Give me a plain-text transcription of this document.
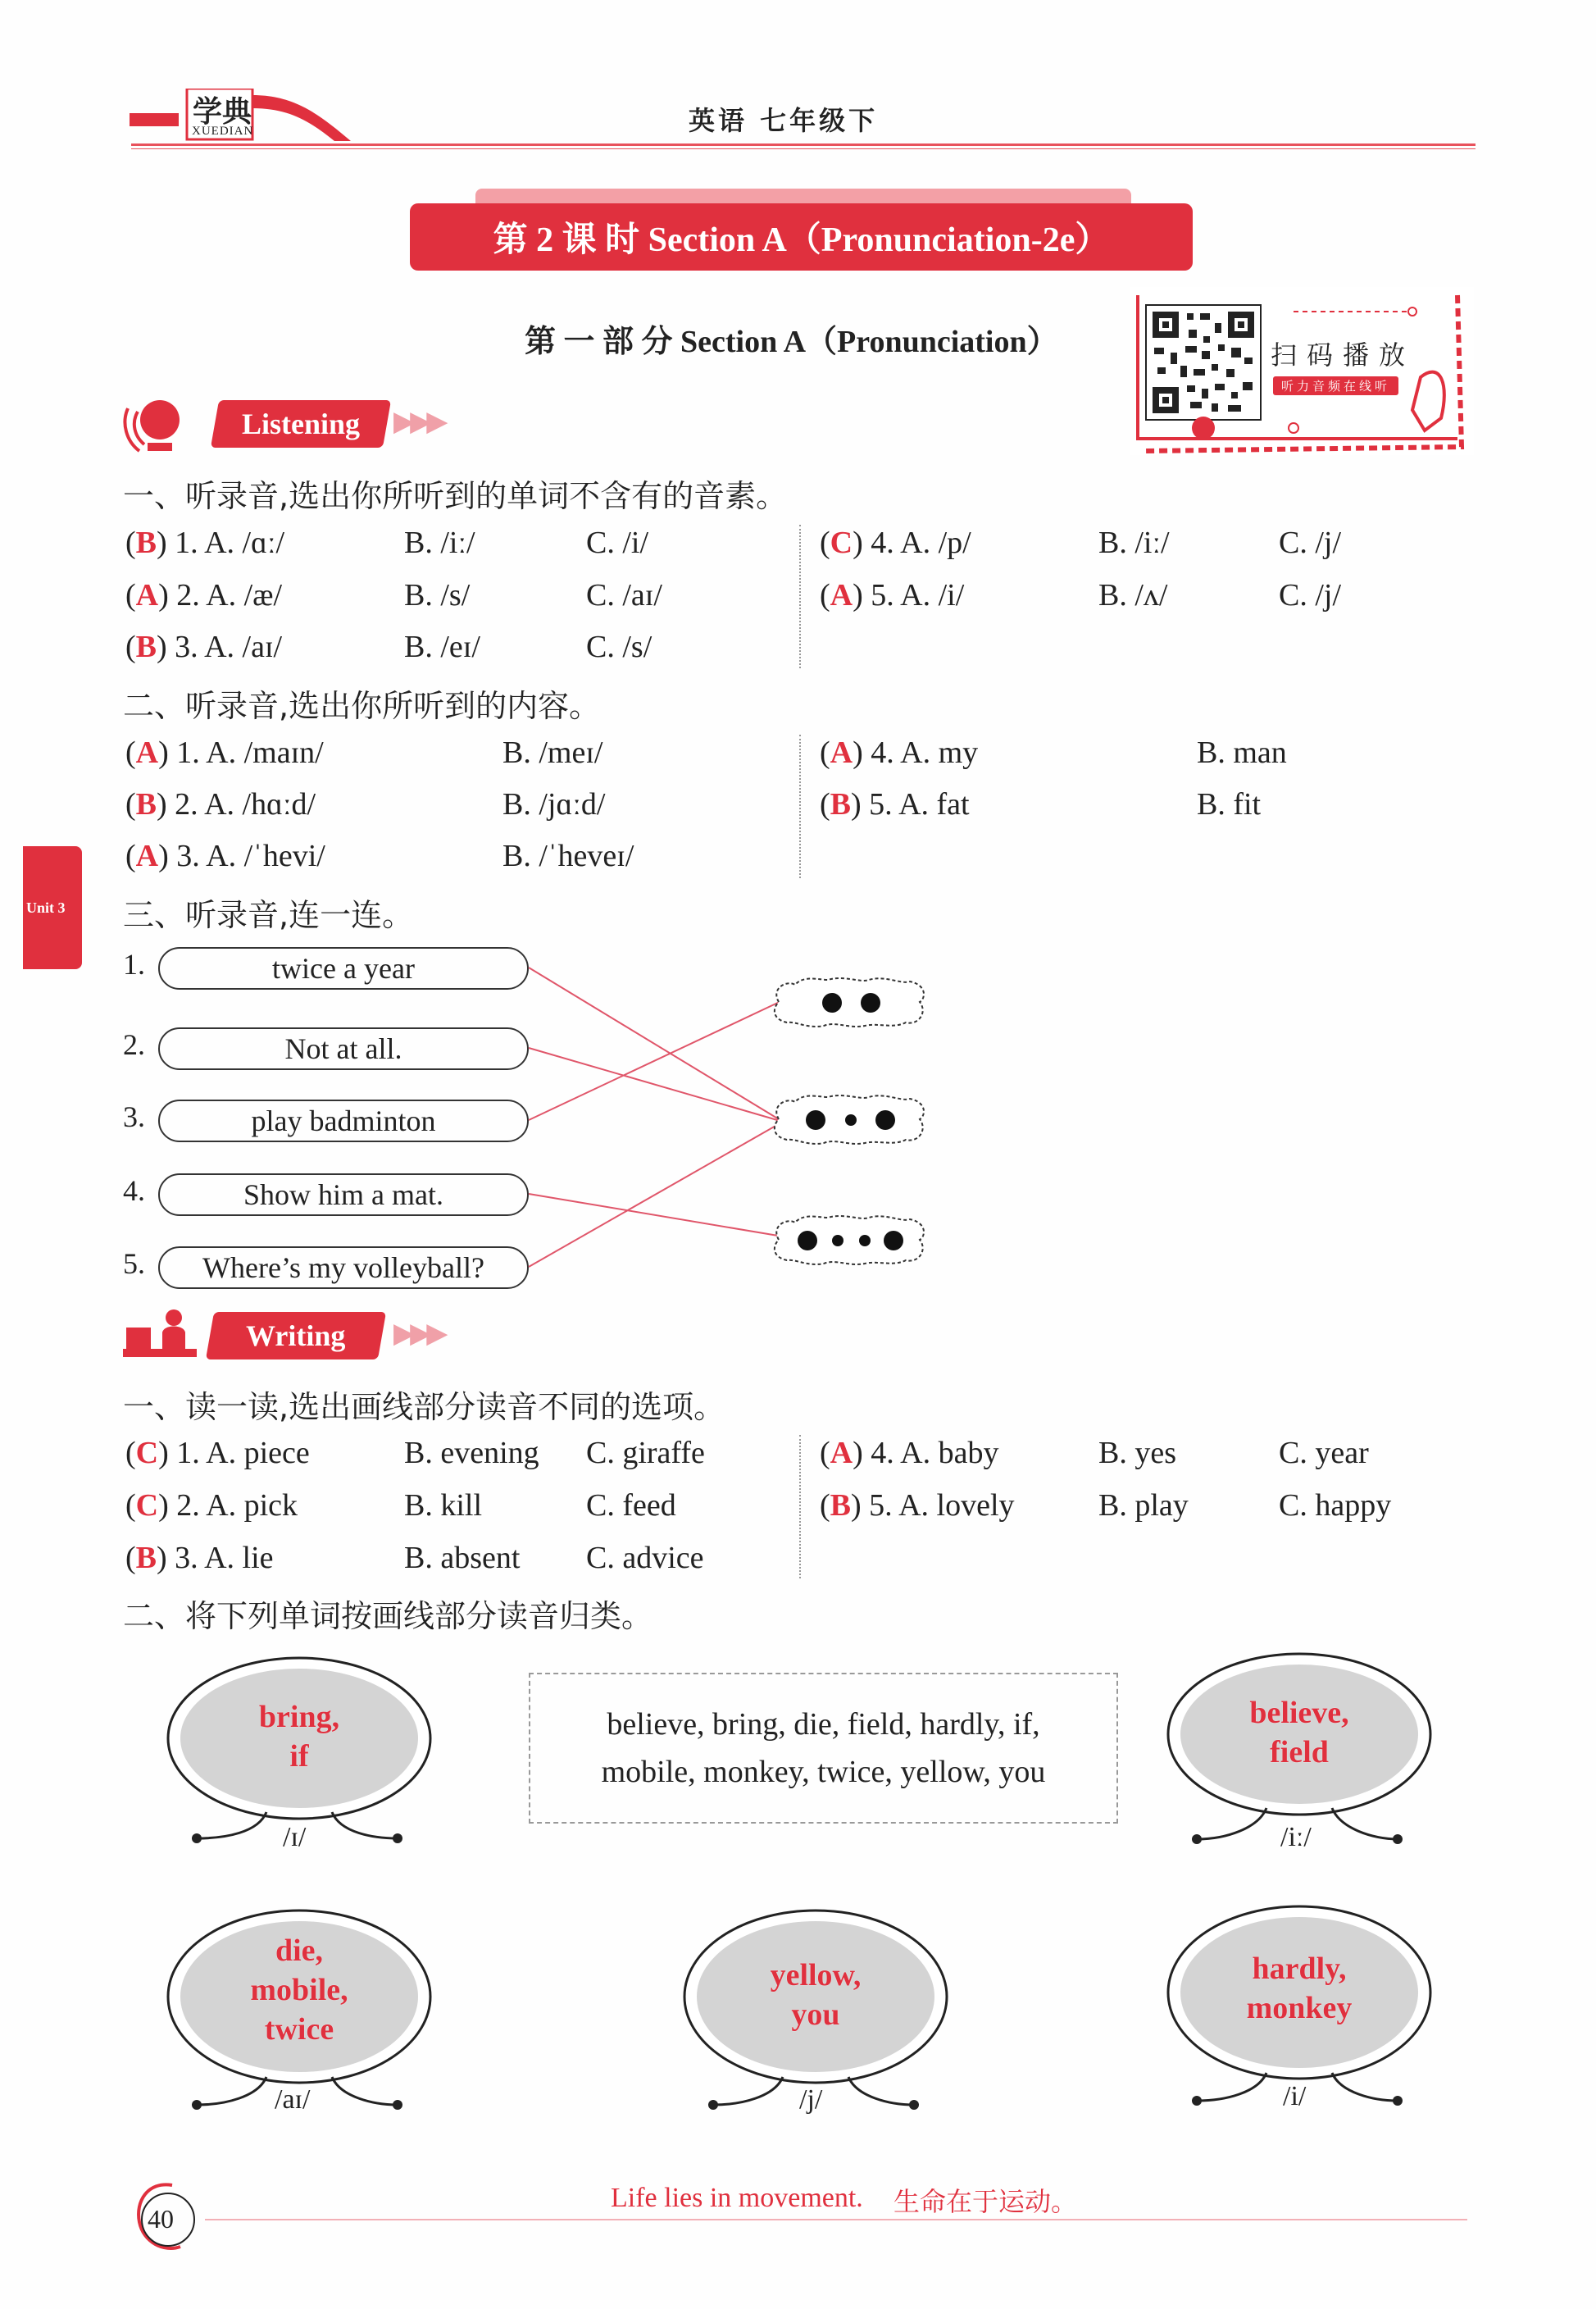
学典
XUEDIAN	英语 七年级下
第 2 课 时 Section A（Pronunciation-2e）
第 一 部 分 Section A（Pronunciation）	扫码播放
听力音频在线听
Listening ▶▶▶
一、听录音,选出你所听到的单词不含有的音素。
(B) 1. A. /ɑː/	B. /iː/	C. /i/
(A) 2. A. /æ/	B. /s/	C. /aɪ/
(B) 3. A. /aɪ/	B. /eɪ/	C. /s/
(C) 4. A. /p/	B. /iː/	C. /j/
(A) 5. A. /i/	B. /ʌ/	C. /j/
二、听录音,选出你所听到的内容。
(A) 1. A. /maɪn/	B. /meɪ/
(B) 2. A. /hɑːd/	B. /jɑːd/
(A) 3. A. /ˈhevi/	B. /ˈheveɪ/
(A) 4. A. my	B. man
(B) 5. A. fat	B. fit
Unit 3 三、听录音,连一连。
1.	twice a year
2.	Not at all.
3.	play badminton
4.	Show him a mat.
5. Where’s my volleyball?
Writing ▶▶▶
一、读一读,选出画线部分读音不同的选项。
(C) 1. A. piece	B. evening C. giraffe
(C) 2. A. pick	B. kill	C. feed
(B) 3. A. lie	B. absent C. advice
(A) 4. A. baby	B. yes	C. year
(B) 5. A. lovely	B. play	C. happy
二、将下列单词按画线部分读音归类。
believe, bring, die, field, hardly, if,
mobile, monkey, twice, yellow, you
bring,
if
/ɪ/
believe,
field
/iː/
die,
mobile,
twice
/aɪ/
yellow,
you
/j/
hardly,
monkey
/i/
40
Life lies in movement. 生命在于运动。
